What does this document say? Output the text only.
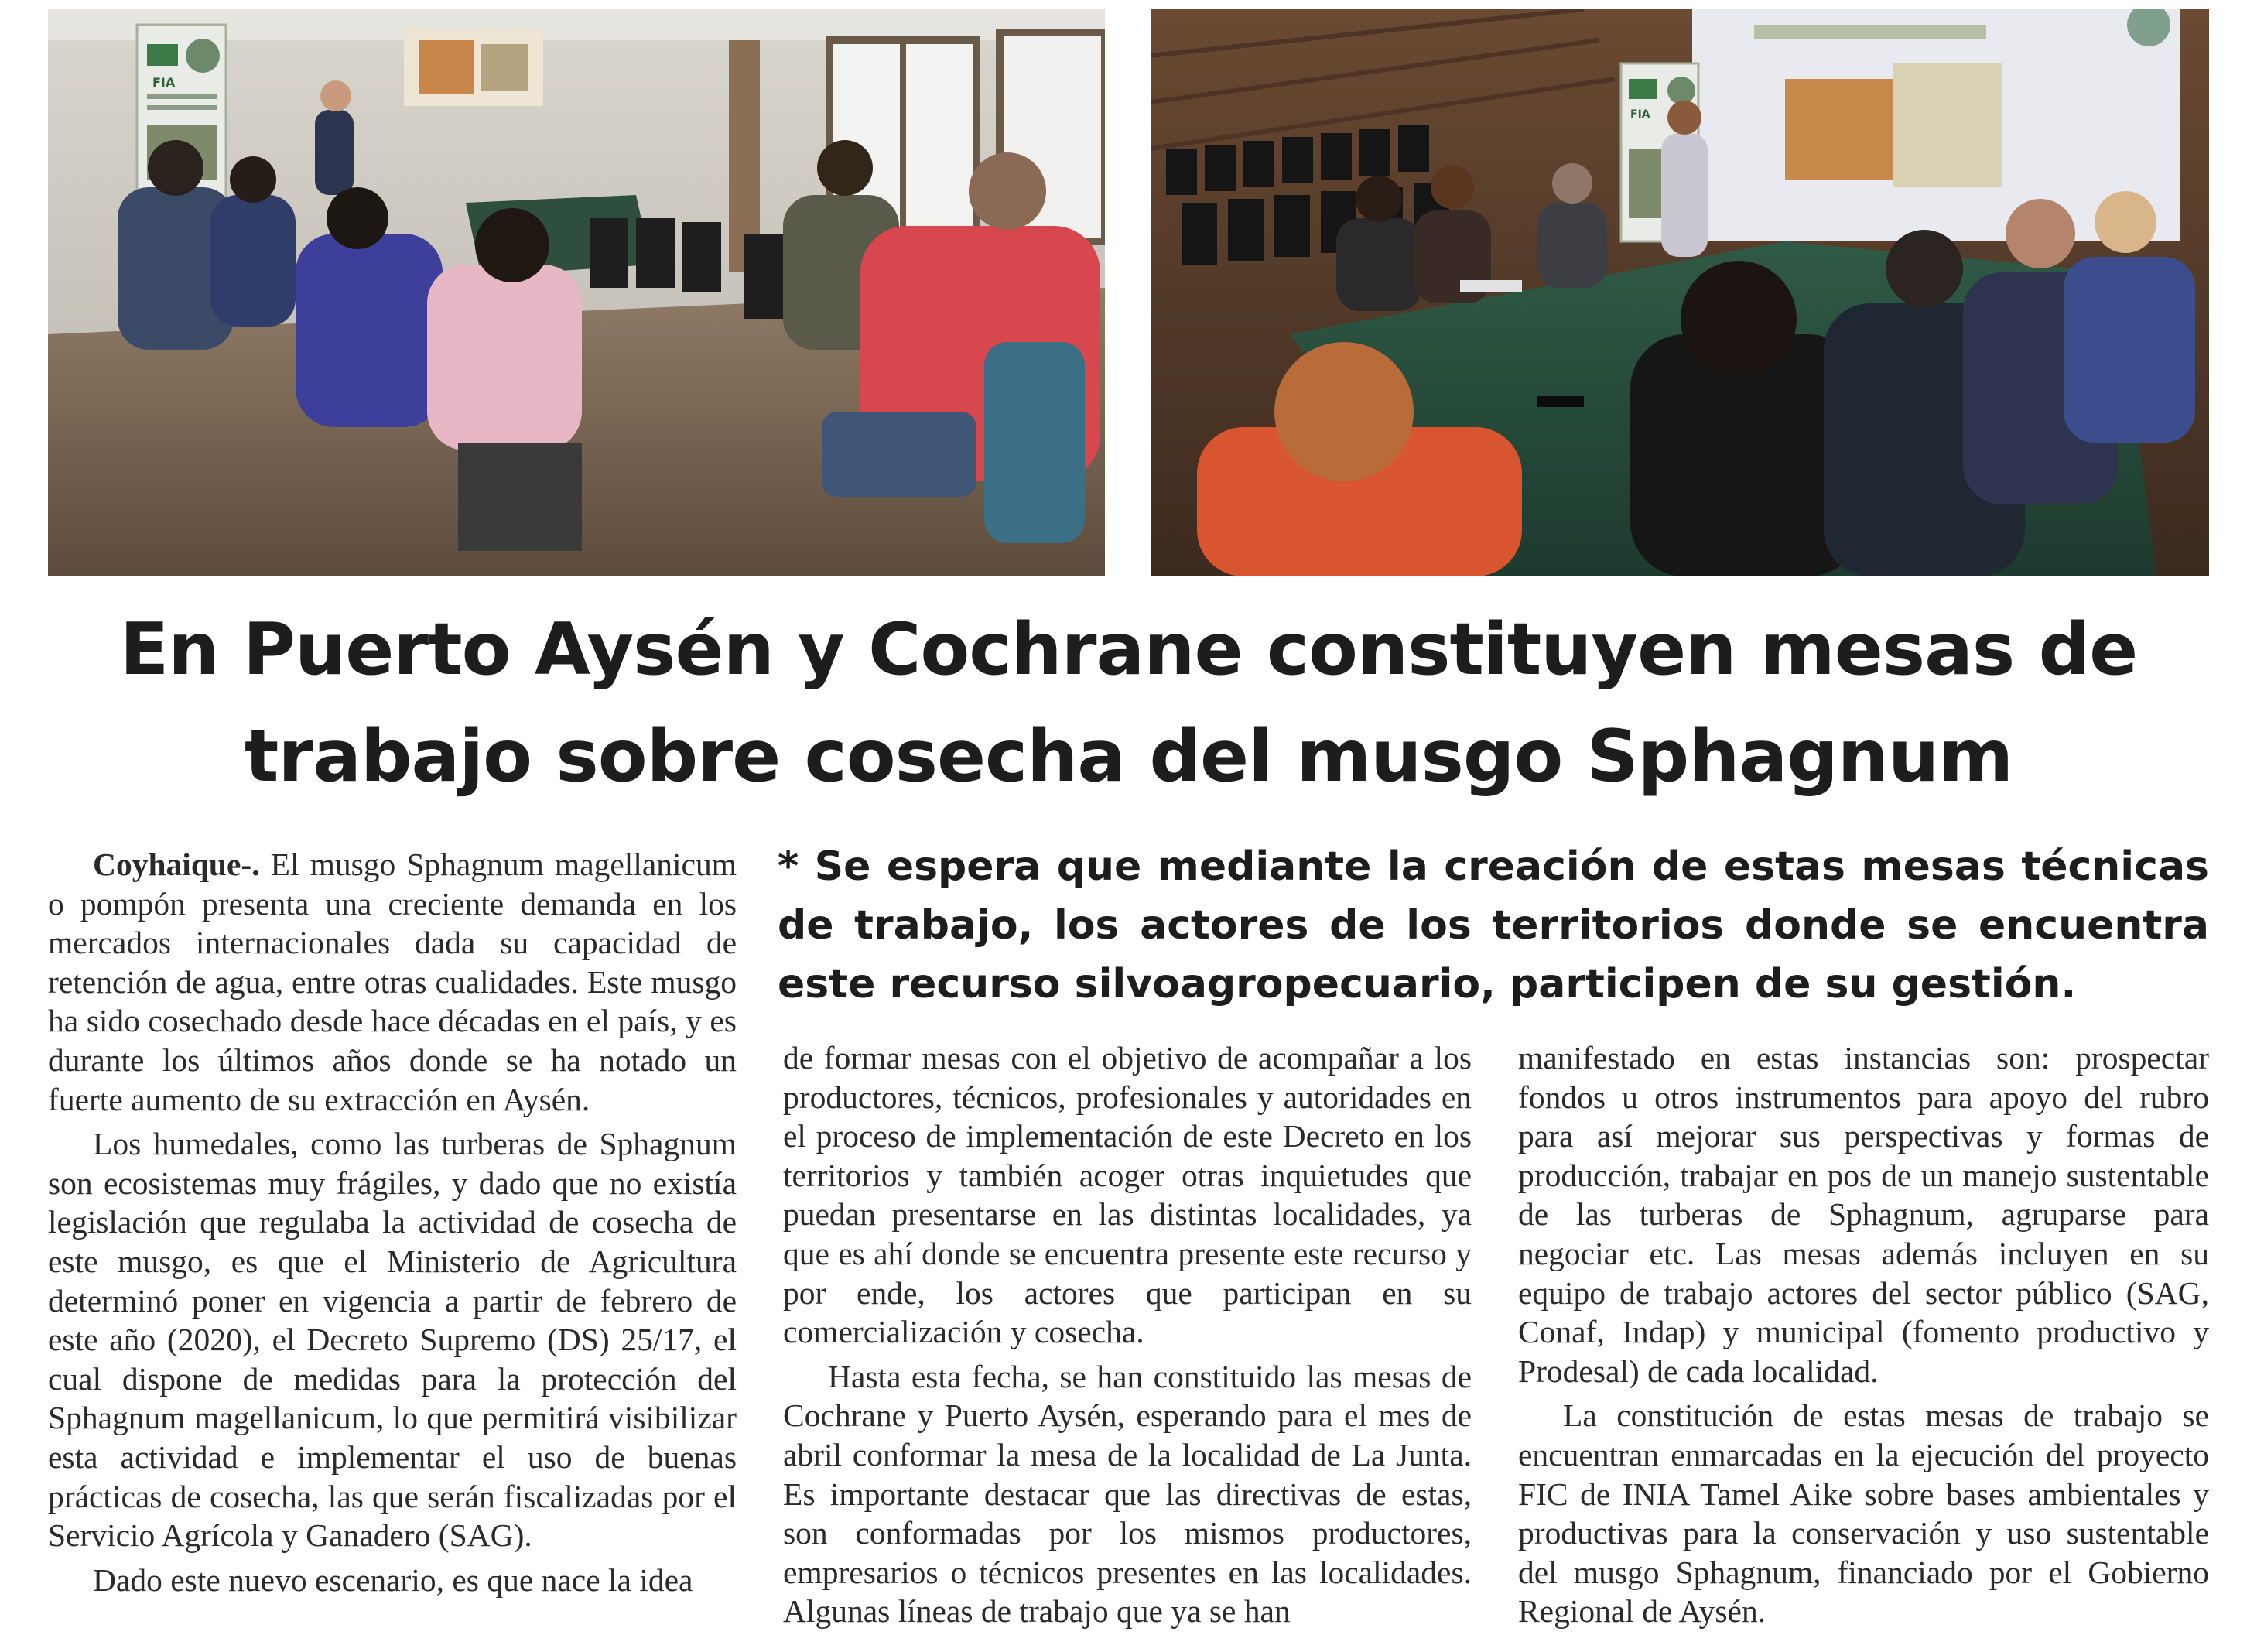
FIA
FIA
En Puerto Aysén y Cochrane constituyen mesas de
trabajo sobre cosecha del musgo Sphagnum

Coyhaique-. El musgo Sphagnum magellanicum o pompón presenta una creciente demanda en los mercados internacionales dada su capacidad de retención de agua, entre otras cualidades. Este musgo ha sido cosechado desde hace décadas en el país, y es durante los últimos años donde se ha notado un fuerte aumento de su extracción en Aysén.

Los humedales, como las turberas de Sphagnum son ecosistemas muy frágiles, y dado que no existía legislación que regulaba la actividad de cosecha de este musgo, es que el Ministerio de Agricultura determinó poner en vigencia a partir de febrero de este año (2020), el Decreto Supremo (DS) 25/17, el cual dispone de medidas para la protección del Sphagnum magellanicum, lo que permitirá visibilizar esta actividad e implementar el uso de buenas prácticas de cosecha, las que serán fiscalizadas por el Servicio Agrícola y Ganadero (SAG).

Dado este nuevo escenario, es que nace la idea

* Se espera que mediante la creación de estas mesas técnicas de trabajo, los actores de los territorios donde se encuentra este recurso silvoagropecuario, participen de su gestión.

de formar mesas con el objetivo de acompañar a los productores, técnicos, profesionales y autoridades en el proceso de implementación de este Decreto en los territorios y también acoger otras inquietudes que puedan presentarse en las distintas localidades, ya que es ahí donde se encuentra presente este recurso y por ende, los actores que participan en su comercialización y cosecha.

Hasta esta fecha, se han constituido las mesas de Cochrane y Puerto Aysén, esperando para el mes de abril conformar la mesa de la localidad de La Junta. Es importante destacar que las directivas de estas, son conformadas por los mismos productores, empresarios o técnicos presentes en las localidades. Algunas líneas de trabajo que ya se han

manifestado en estas instancias son: prospectar fondos u otros instrumentos para apoyo del rubro para así mejorar sus perspectivas y formas de producción, trabajar en pos de un manejo sustentable de las turberas de Sphagnum, agruparse para negociar etc. Las mesas además incluyen en su equipo de trabajo actores del sector público (SAG, Conaf, Indap) y municipal (fomento productivo y Prodesal) de cada localidad.

La constitución de estas mesas de trabajo se encuentran enmarcadas en la ejecución del proyecto FIC de INIA Tamel Aike sobre bases ambientales y productivas para la conservación y uso sustentable del musgo Sphagnum, financiado por el Gobierno Regional de Aysén.
